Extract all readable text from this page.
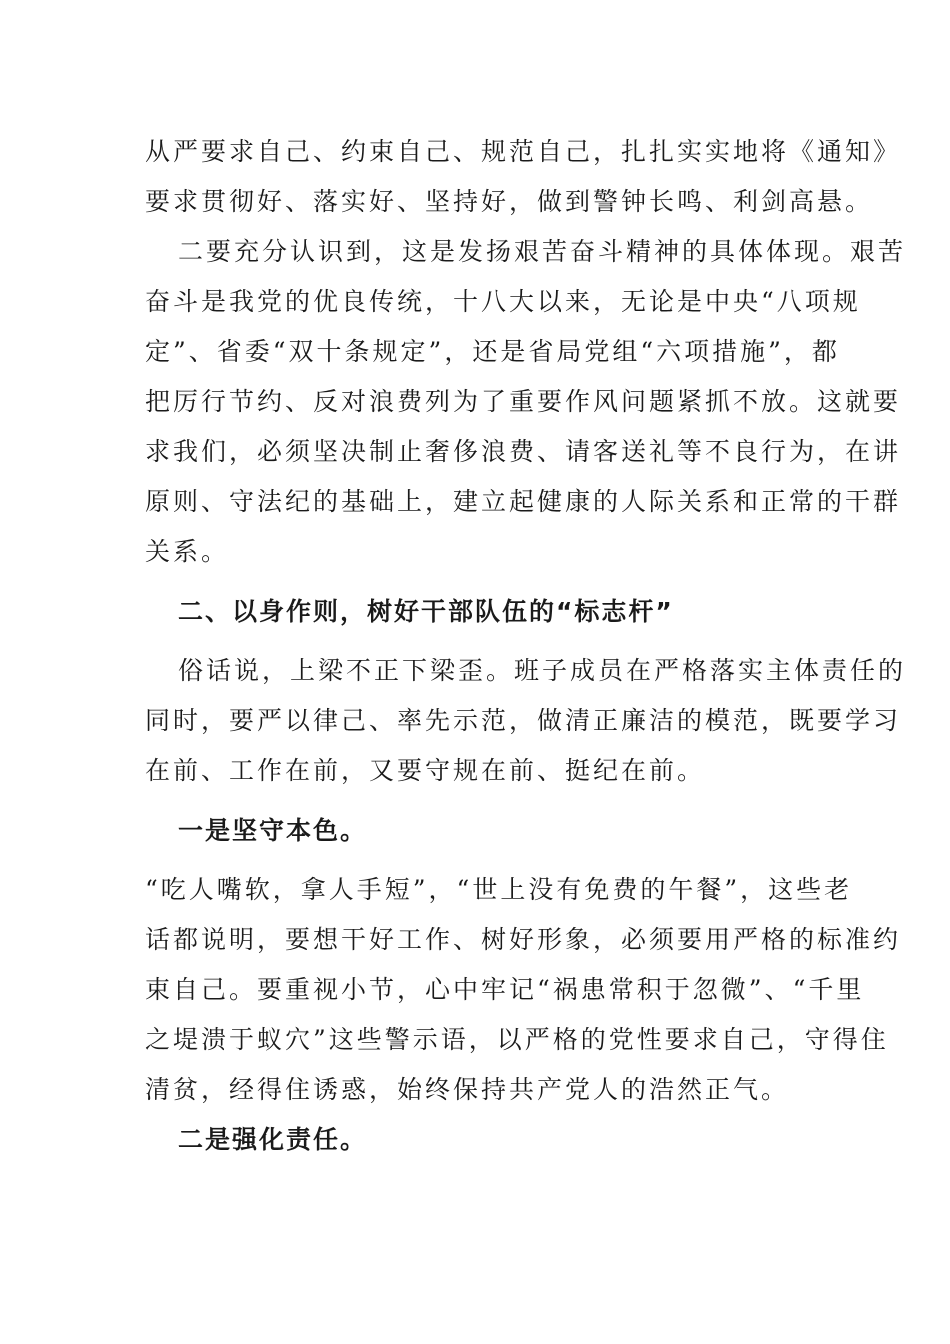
从严要求自己、约束自己、规范自己，扎扎实实地将《通知》
要求贯彻好、落实好、坚持好，做到警钟长鸣、利剑高悬。
二要充分认识到，这是发扬艰苦奋斗精神的具体体现。艰苦
奋斗是我党的优良传统，十八大以来，无论是中央“八项规
定”、省委“双十条规定”，还是省局党组“六项措施”，都
把厉行节约、反对浪费列为了重要作风问题紧抓不放。这就要
求我们，必须坚决制止奢侈浪费、请客送礼等不良行为，在讲
原则、守法纪的基础上，建立起健康的人际关系和正常的干群
关系。
二、以身作则，树好干部队伍的“标志杆”
俗话说，上梁不正下梁歪。班子成员在严格落实主体责任的
同时，要严以律己、率先示范，做清正廉洁的模范，既要学习
在前、工作在前，又要守规在前、挺纪在前。
一是坚守本色。
“吃人嘴软，拿人手短”，“世上没有免费的午餐”，这些老
话都说明，要想干好工作、树好形象，必须要用严格的标准约
束自己。要重视小节，心中牢记“祸患常积于忽微”、“千里
之堤溃于蚁穴”这些警示语，以严格的党性要求自己，守得住
清贫，经得住诱惑，始终保持共产党人的浩然正气。
二是强化责任。
